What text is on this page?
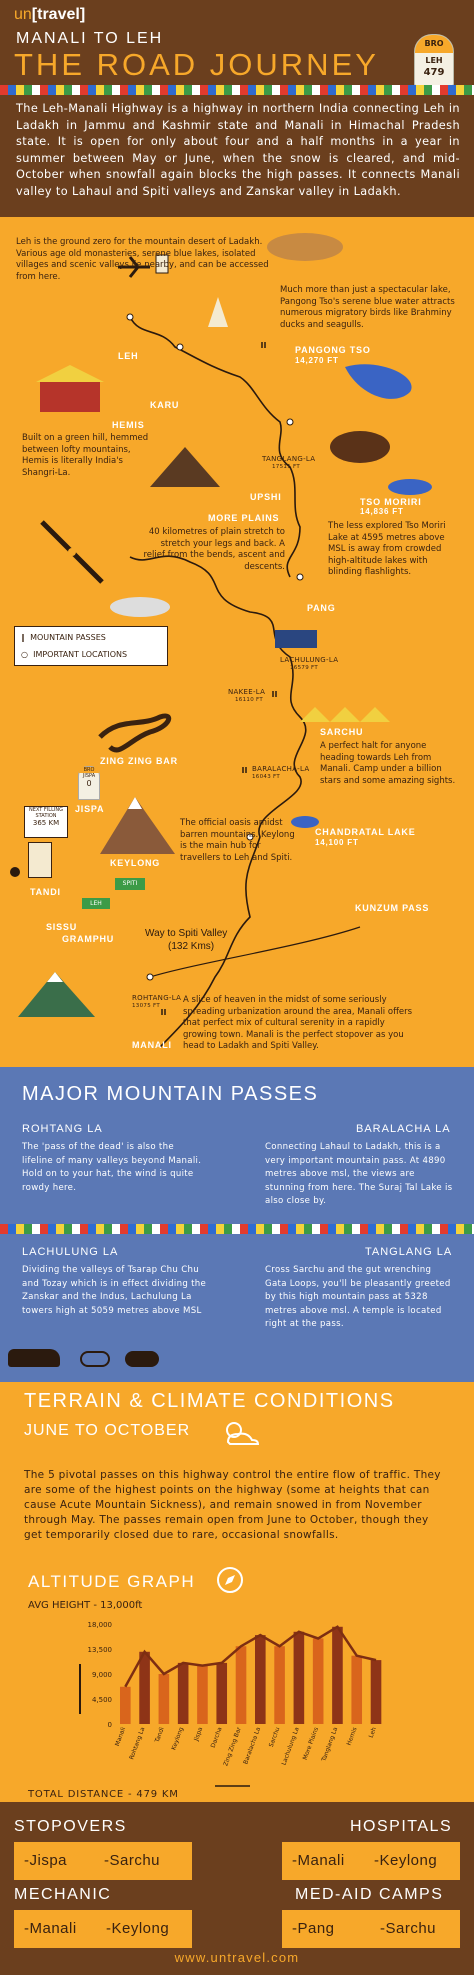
un[travel]
MANALI TO LEH
THE ROAD JOURNEY
BRO
LEH
479

The Leh-Manali Highway is a highway in northern India connecting Leh in Ladakh in Jammu and Kashmir state and Manali in Himachal Pradesh state. It is open for only about four and a half months in a year in summer between May or June, when the snow is cleared, and mid-October when snowfall again blocks the high passes. It connects Manali valley to Lahaul and Spiti valleys and Zanskar valley in Ladakh.

Leh is the ground zero for the mountain desert of Ladakh. Various age old monasteries, serene blue lakes, isolated villages and scenic valleys lie nearby, and can be accessed from here.
Much more than just a spectacular lake, Pangong Tso's serene blue water attracts numerous migratory birds like Brahminy ducks and seagulls.
PANGONG TSO
14,270 FT
LEH
KARU
HEMIS
Built on a green hill, hemmed between lofty mountains, Hemis is literally India's Shangri-La.
TANGLANG-LA
17511 FT
TSO MORIRI
14,836 FT
The less explored Tso Moriri Lake at 4595 metres above MSL is away from crowded high-altitude lakes with blinding flashlights.
UPSHI
MORE PLAINS
40 kilometres of plain stretch to stretch your legs and back. A relief from the bends, ascent and descents.
PANG
LACHULUNG-LA
16579 FT
NAKEE-LA
16110 FT
‖  MOUNTAIN PASSES
○  IMPORTANT LOCATIONS
SARCHU
A perfect halt for anyone heading towards Leh from Manali. Camp under a billion stars and some amazing sights.
ZING ZING BAR
BARALACHA-LA
16043 FT
BRO
JISPA
0
JISPA
NEXT FILLING
STATION
365 KM	The official oasis amidst barren mountains. Keylong is the main hub for travellers to Leh and Spiti.
KEYLONG
CHANDRATAL LAKE
14,100 FT
TANDI
SPITI
LEH
SISSU
GRAMPHU	Way to Spiti Valley
(132 Kms)
KUNZUM PASS
ROHTANG-LA
13075 FT
MANALI
A slice of heaven in the midst of some seriously spreading urbanization around the area, Manali offers that perfect mix of cultural serenity in a rapidly growing town. Manali is the perfect stopover as you head to Ladakh and Spiti Valley.
MAJOR MOUNTAIN PASSES
ROHTANG LA
The 'pass of the dead' is also the lifeline of many valleys beyond Manali. Hold on to your hat, the wind is quite rowdy here.
BARALACHA LA
Connecting Lahaul to Ladakh, this is a very important mountain pass. At 4890 metres above msl, the views are stunning from here. The Suraj Tal Lake is also close by.
LACHULUNG LA
Dividing the valleys of Tsarap Chu Chu and Tozay which is in effect dividing the Zanskar and the Indus, Lachulung La towers high at 5059 metres above MSL
TANGLANG LA
Cross Sarchu and the gut wrenching Gata Loops, you'll be pleasantly greeted by this high mountain pass at 5328 metres above msl. A temple is located right at the pass.
TERRAIN & CLIMATE CONDITIONS
JUNE TO OCTOBER
The 5 pivotal passes on this highway control the entire flow of traffic. They are some of the highest points on the highway (some at heights that can cause Acute Mountain Sickness), and remain snowed in from November through May. The passes remain open from June to October, though they get temporarily closed due to rare, occasional snowfalls.
ALTITUDE GRAPH
AVG HEIGHT - 13,000ft
18,000
13,500
9,000
4,500
0
Manali Rohtang La Tandi Keylong Jispa Darcha
Zing Zing Bar Baralacha La Sarchu Lachulung La More Plains Tanglang La Hemis Leh
TOTAL DISTANCE - 479 KM
STOPOVERS
-Jispa -Sarchu
HOSPITALS
-Manali -Keylong
MECHANIC
-Manali -Keylong
MED-AID CAMPS
-Pang	-Sarchu
www.untravel.com
